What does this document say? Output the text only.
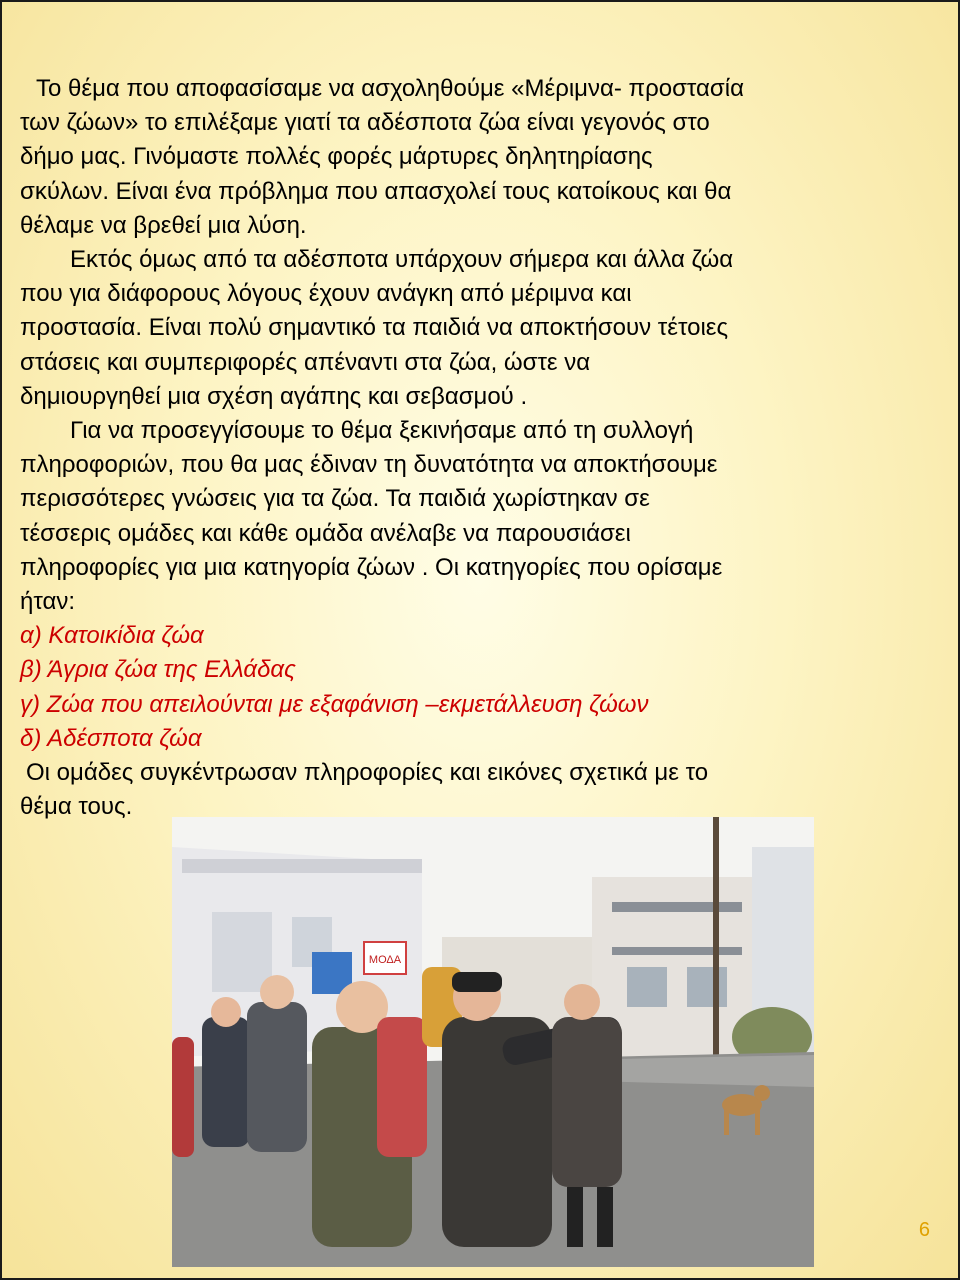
Το θέμα που αποφασίσαμε να ασχοληθούμε «Μέριμνα- προστασία
των ζώων» το επιλέξαμε γιατί τα αδέσποτα ζώα είναι γεγονός στο
δήμο μας. Γινόμαστε πολλές φορές μάρτυρες δηλητηρίασης
σκύλων. Είναι ένα πρόβλημα που απασχολεί τους κατοίκους και θα
θέλαμε να βρεθεί μια λύση.
Εκτός όμως από τα αδέσποτα υπάρχουν σήμερα και άλλα ζώα
που για διάφορους λόγους έχουν ανάγκη από μέριμνα και
προστασία. Είναι πολύ σημαντικό τα παιδιά να αποκτήσουν τέτοιες
στάσεις και συμπεριφορές απέναντι στα ζώα, ώστε να
δημιουργηθεί μια σχέση αγάπης και σεβασμού .
Για να προσεγγίσουμε το θέμα ξεκινήσαμε από τη συλλογή
πληροφοριών, που θα μας έδιναν τη δυνατότητα να αποκτήσουμε
περισσότερες γνώσεις για τα ζώα. Τα παιδιά χωρίστηκαν σε
τέσσερις ομάδες και κάθε ομάδα ανέλαβε να παρουσιάσει
πληροφορίες για μια κατηγορία ζώων . Οι κατηγορίες που ορίσαμε
ήταν:
α) Κατοικίδια ζώα
β) Άγρια ζώα της Ελλάδας
γ) Ζώα που απειλούνται με εξαφάνιση –εκμετάλλευση ζώων
δ) Αδέσποτα ζώα
Οι ομάδες συγκέντρωσαν πληροφορίες και εικόνες σχετικά με το
θέμα τους.
ΜΟΔΑ
6
